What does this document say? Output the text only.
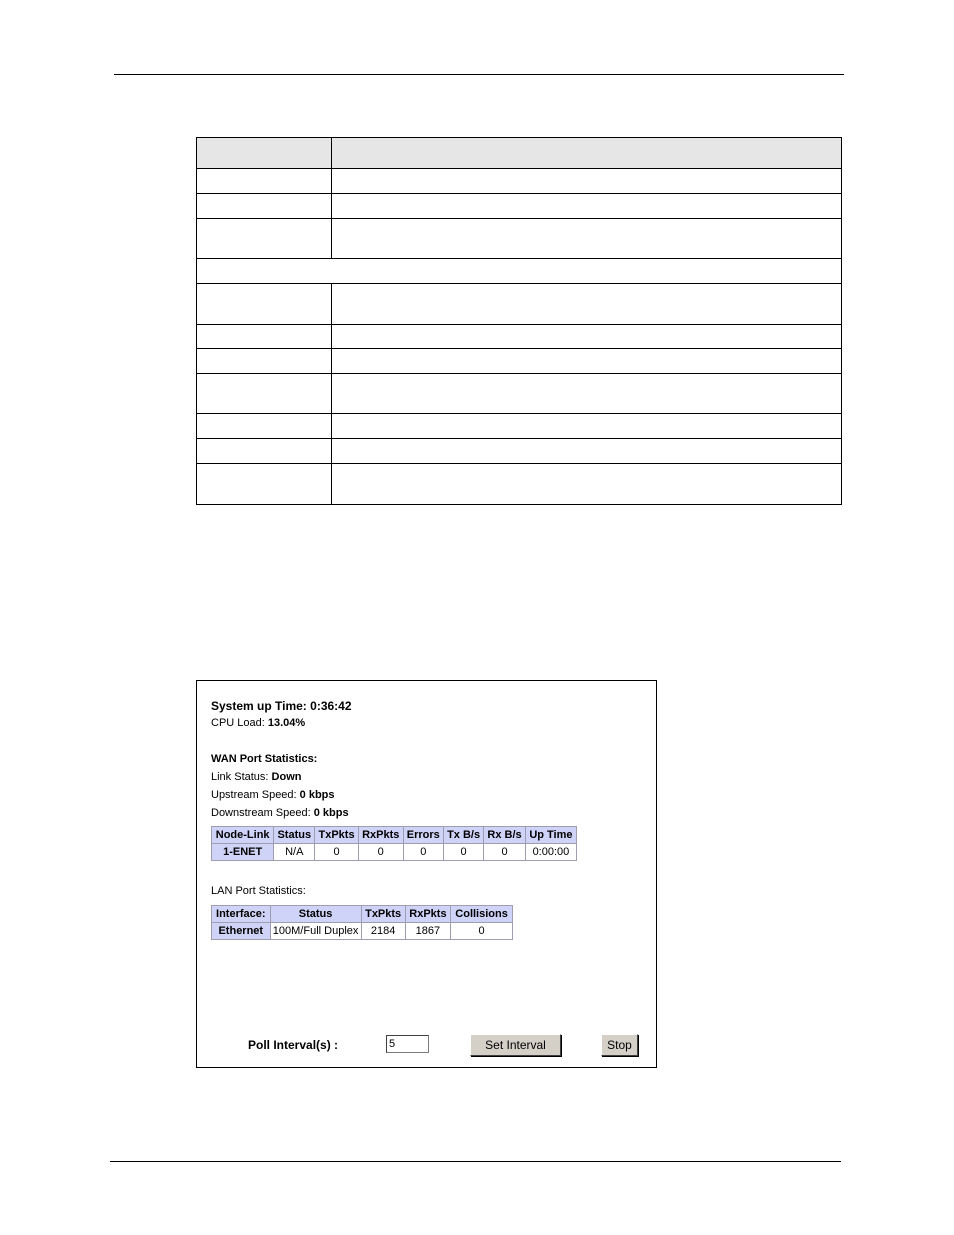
System up Time: 0:36:42
CPU Load: 13.04%
WAN Port Statistics:
Link Status: Down
Upstream Speed: 0 kbps
Downstream Speed: 0 kbps
Node-Link	Status	TxPkts	RxPkts	Errors	Tx B/s	Rx B/s	Up Time
1-ENET	N/A	0	0	0	0	0	0:00:00
LAN Port Statistics:
Interface:	Status	TxPkts	RxPkts	Collisions
Ethernet	100M/Full Duplex	2184	1867	0
Poll Interval(s) :
5	Set Interval	Stop
